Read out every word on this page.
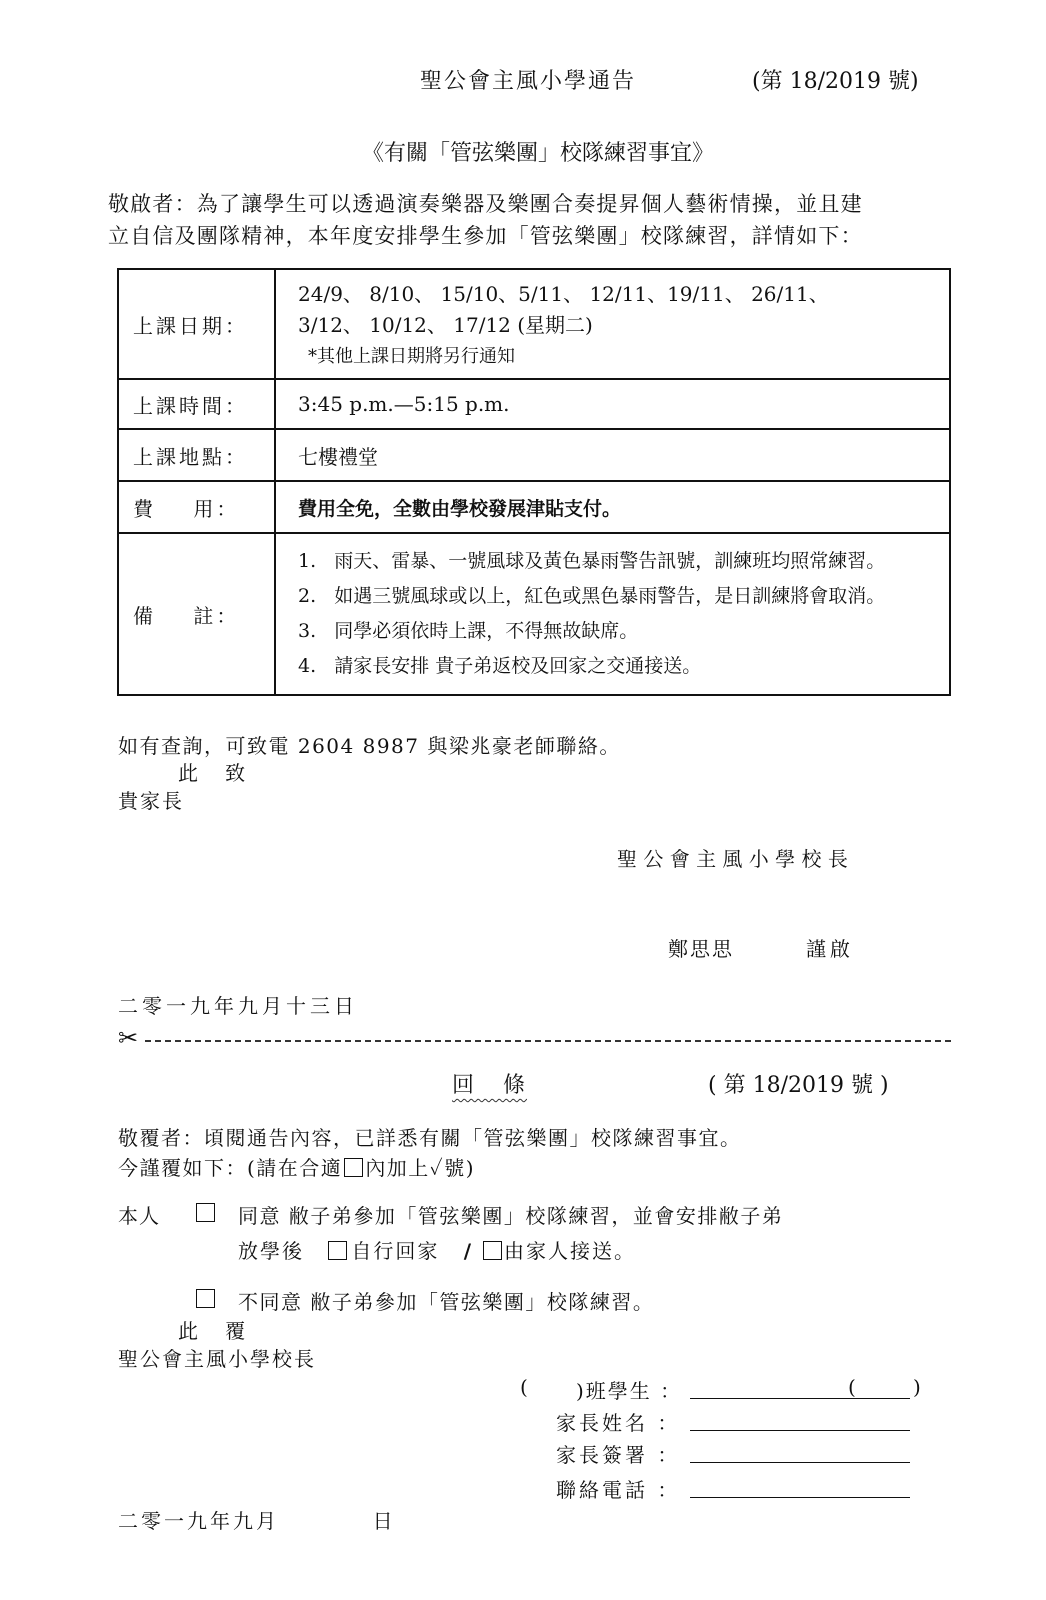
聖公會主風小學通告	(第 18/2019 號)
《有關「管弦樂團」校隊練習事宜》
敬啟者：為了讓學生可以透過演奏樂器及樂團合奏提昇個人藝術情操，並且建
立自信及團隊精神，本年度安排學生參加「管弦樂團」校隊練習，詳情如下：
上課日期：	24/9、 8/10、 15/10、5/11、 12/11、19/11、 26/11、
3/12、 10/12、 17/12 (星期二)
*其他上課日期將另行通知

上課時間：	3:45 p.m.—5:15 p.m.
上課地點：	七樓禮堂
費    用：	費用全免，全數由學校發展津貼支付。
備    註：	1.   雨天、雷暴、一號風球及黃色暴雨警告訊號，訓練班均照常練習。
2.   如遇三號風球或以上，紅色或黑色暴雨警告，是日訓練將會取消。
3.   同學必須依時上課，不得無故缺席。
4.   請家長安排 貴子弟返校及回家之交通接送。
如有查詢，可致電 2604 8987 與梁兆豪老師聯絡。
此   致
貴家長
聖 公 會 主 風 小 學 校 長
鄭思思	謹啟
二零一九年九月十三日
✂
回   條	( 第 18/2019 號 )
敬覆者：頃閱通告內容，已詳悉有關「管弦樂團」校隊練習事宜。
今謹覆如下：(請在合適 內加上✓號)
本人	同意 敝子弟參加「管弦樂團」校隊練習，並會安排敝子弟
放學後 自行回家 / 由家人接送。
不同意 敝子弟參加「管弦樂團」校隊練習。
此   覆
聖公會主風小學校長
( )班學生 ：	(         )
家長姓名 ：
家長簽署 ：
聯絡電話 ：
二零一九年九月          日
